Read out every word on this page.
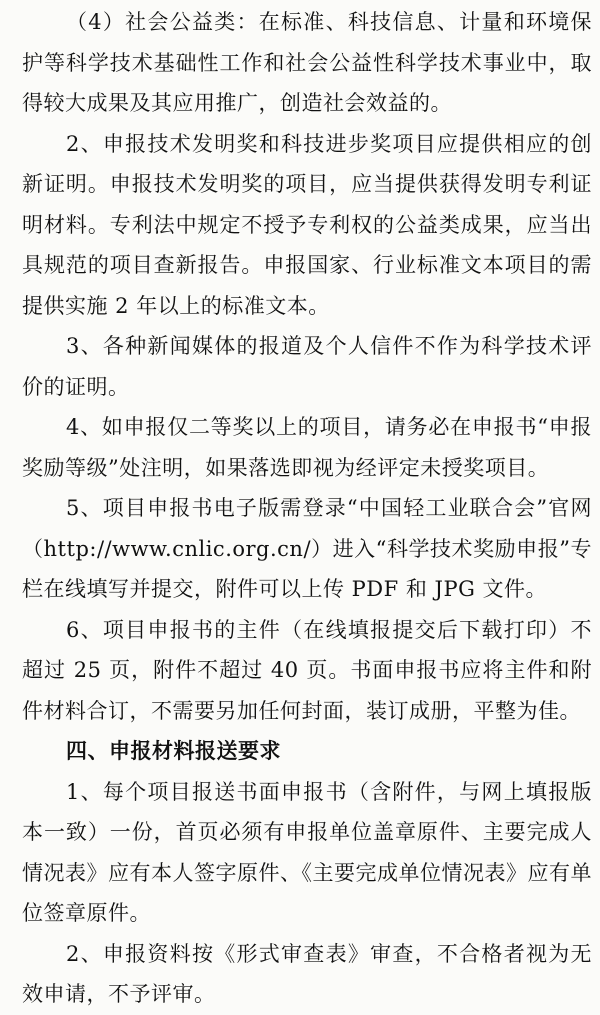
（4）社会公益类：在标准、科技信息、计量和环境保护等科学技术基础性工作和社会公益性科学技术事业中，取得较大成果及其应用推广，创造社会效益的。

2、申报技术发明奖和科技进步奖项目应提供相应的创新证明。申报技术发明奖的项目，应当提供获得发明专利证明材料。专利法中规定不授予专利权的公益类成果，应当出具规范的项目查新报告。申报国家、行业标准文本项目的需提供实施 2 年以上的标准文本。

3、各种新闻媒体的报道及个人信件不作为科学技术评价的证明。

4、如申报仅二等奖以上的项目，请务必在申报书“申报奖励等级”处注明，如果落选即视为经评定未授奖项目。

5、项目申报书电子版需登录“中国轻工业联合会”官网（http://www.cnlic.org.cn/）进入“科学技术奖励申报”专栏在线填写并提交，附件可以上传 PDF 和 JPG 文件。

6、项目申报书的主件（在线填报提交后下载打印）不超过 25 页，附件不超过 40 页。书面申报书应将主件和附件材料合订，不需要另加任何封面，装订成册，平整为佳。

四、申报材料报送要求

1、每个项目报送书面申报书（含附件，与网上填报版本一致）一份，首页必须有申报单位盖章原件、主要完成人情况表》应有本人签字原件、《主要完成单位情况表》应有单位签章原件。

2、申报资料按《形式审查表》审查，不合格者视为无效申请，不予评审。
